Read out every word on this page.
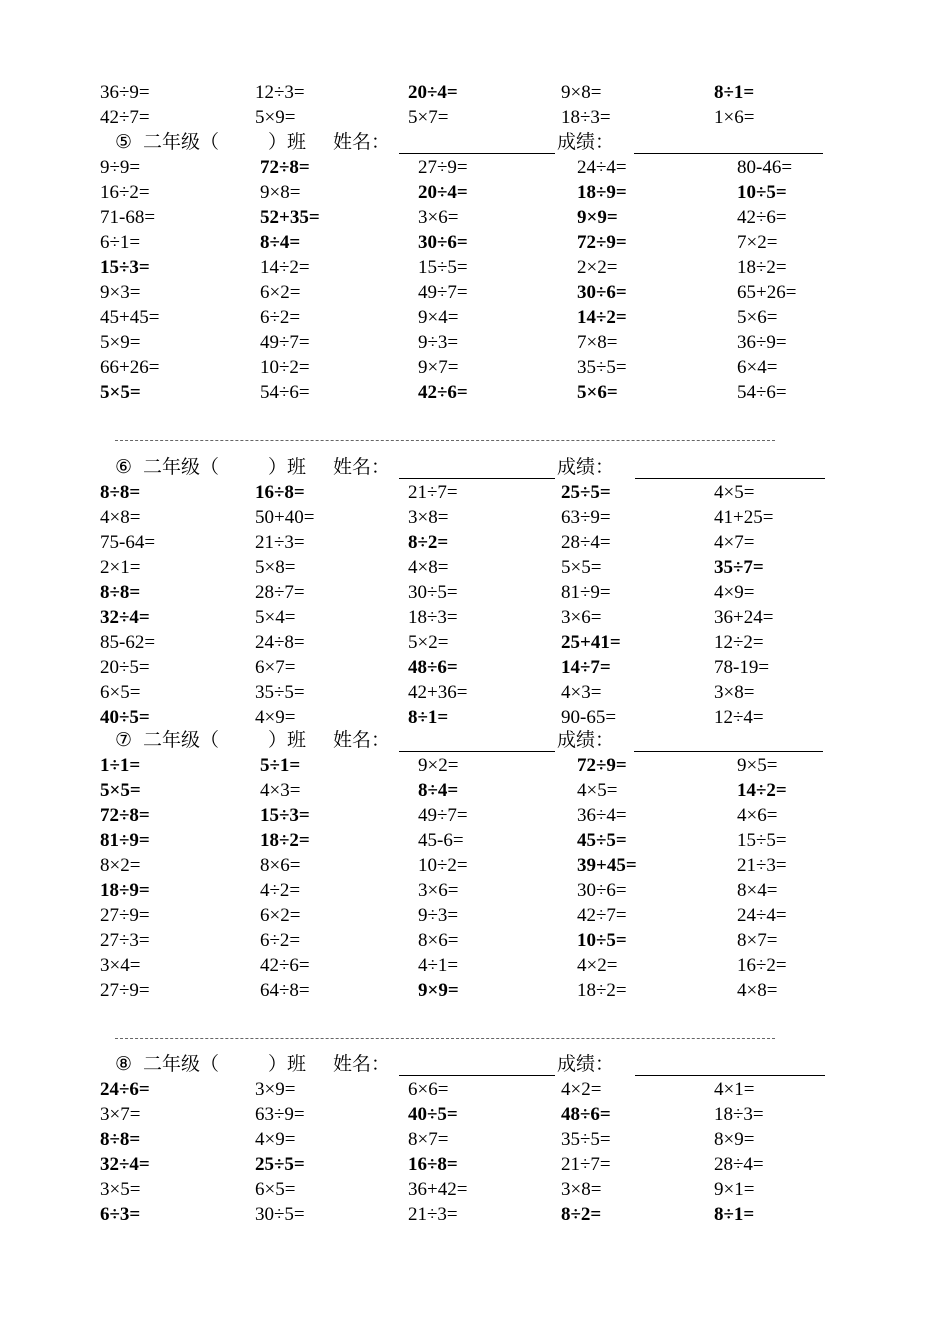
36÷9=	12÷3=	20÷4=	9×8=	8÷1=
42÷7=	5×9=	5×7=	18÷3=	1×6=
⑤ 二年级（	）班 姓名：	成绩：
9÷9=	72÷8=	27÷9=	24÷4=	80-46=
16÷2=	9×8=	20÷4=	18÷9=	10÷5=
71-68=	52+35=	3×6=	9×9=	42÷6=
6÷1=	8÷4=	30÷6=	72÷9=	7×2=
15÷3=	14÷2=	15÷5=	2×2=	18÷2=
9×3=	6×2=	49÷7=	30÷6=	65+26=
45+45=	6÷2=	9×4=	14÷2=	5×6=
5×9=	49÷7=	9÷3=	7×8=	36÷9=
66+26=	10÷2=	9×7=	35÷5=	6×4=
5×5=	54÷6=	42÷6=	5×6=	54÷6=
⑥ 二年级（	）班 姓名：	成绩：
8÷8=	16÷8=	21÷7=	25÷5=	4×5=
4×8=	50+40=	3×8=	63÷9=	41+25=
75-64=	21÷3=	8÷2=	28÷4=	4×7=
2×1=	5×8=	4×8=	5×5=	35÷7=
8÷8=	28÷7=	30÷5=	81÷9=	4×9=
32÷4=	5×4=	18÷3=	3×6=	36+24=
85-62=	24÷8=	5×2=	25+41=	12÷2=
20÷5=	6×7=	48÷6=	14÷7=	78-19=
6×5=	35÷5=	42+36=	4×3=	3×8=
40÷5=	4×9=	8÷1=	90-65=	12÷4=
⑦ 二年级（	）班 姓名：	成绩：
1÷1=	5÷1=	9×2=	72÷9=	9×5=
5×5=	4×3=	8÷4=	4×5=	14÷2=
72÷8=	15÷3=	49÷7=	36÷4=	4×6=
81÷9=	18÷2=	45-6=	45÷5=	15÷5=
8×2=	8×6=	10÷2=	39+45=	21÷3=
18÷9=	4÷2=	3×6=	30÷6=	8×4=
27÷9=	6×2=	9÷3=	42÷7=	24÷4=
27÷3=	6÷2=	8×6=	10÷5=	8×7=
3×4=	42÷6=	4÷1=	4×2=	16÷2=
27÷9=	64÷8=	9×9=	18÷2=	4×8=
⑧ 二年级（	）班 姓名：	成绩：
24÷6=	3×9=	6×6=	4×2=	4×1=
3×7=	63÷9=	40÷5=	48÷6=	18÷3=
8÷8=	4×9=	8×7=	35÷5=	8×9=
32÷4=	25÷5=	16÷8=	21÷7=	28÷4=
3×5=	6×5=	36+42=	3×8=	9×1=
6÷3=	30÷5=	21÷3=	8÷2=	8÷1=
